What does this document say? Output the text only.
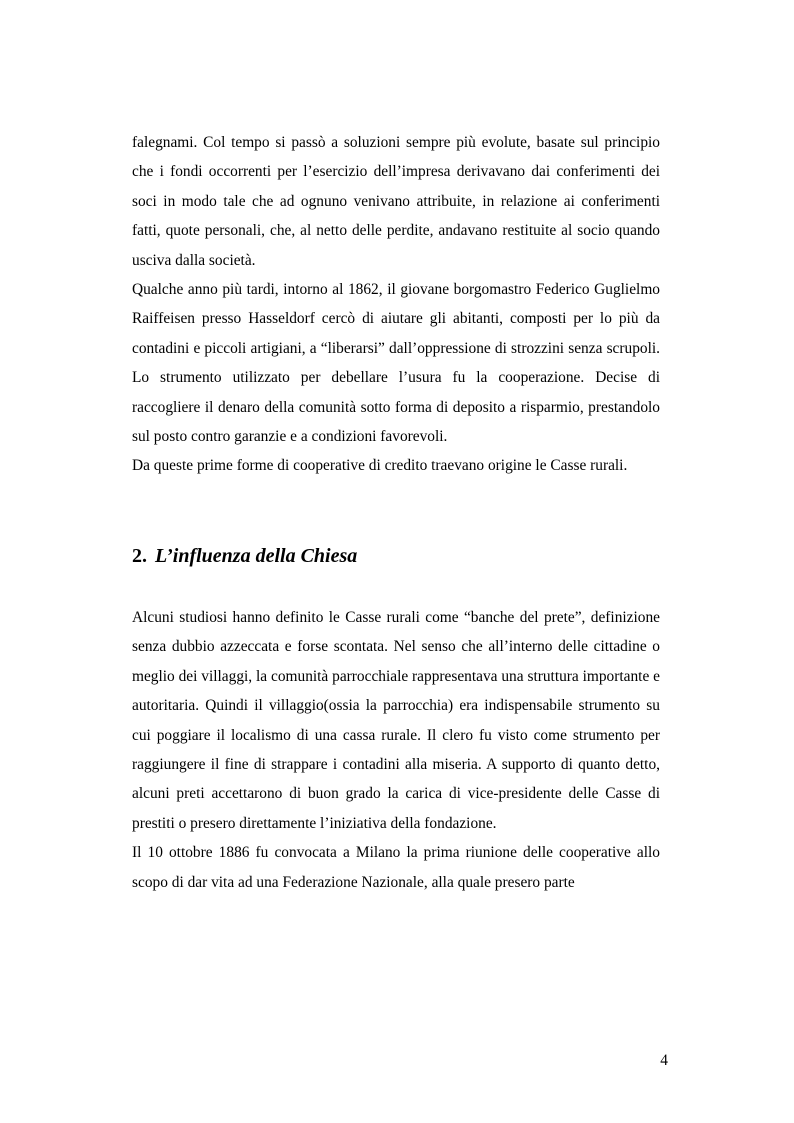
falegnami. Col tempo si passò a soluzioni sempre più evolute, basate sul principio che i fondi occorrenti per l’esercizio dell’impresa derivavano dai conferimenti dei soci in modo tale che ad ognuno venivano attribuite, in relazione ai conferimenti fatti, quote personali, che, al netto delle perdite, andavano restituite al socio quando usciva dalla società.

Qualche anno più tardi, intorno al 1862, il giovane borgomastro Federico Guglielmo Raiffeisen presso Hasseldorf cercò di aiutare gli abitanti, composti per lo più da contadini e piccoli artigiani, a “liberarsi” dall’oppressione di strozzini senza scrupoli. Lo strumento utilizzato per debellare l’usura fu la cooperazione. Decise di raccogliere il denaro della comunità sotto forma di deposito a risparmio, prestandolo sul posto contro garanzie e a condizioni favorevoli.

Da queste prime forme di cooperative di credito traevano origine le Casse rurali.

2. L’influenza della Chiesa

Alcuni studiosi hanno definito le Casse rurali come “banche del prete”, definizione senza dubbio azzeccata e forse scontata. Nel senso che all’interno delle cittadine o meglio dei villaggi, la comunità parrocchiale rappresentava una struttura importante e autoritaria. Quindi il villaggio(ossia la parrocchia) era indispensabile strumento su cui poggiare il localismo di una cassa rurale. Il clero fu visto come strumento per raggiungere il fine di strappare i contadini alla miseria. A supporto di quanto detto, alcuni preti accettarono di buon grado la carica di vice-presidente delle Casse di prestiti o presero direttamente l’iniziativa della fondazione.

Il 10 ottobre 1886 fu convocata a Milano la prima riunione delle cooperative allo scopo di dar vita ad una Federazione Nazionale, alla quale presero parte

4
